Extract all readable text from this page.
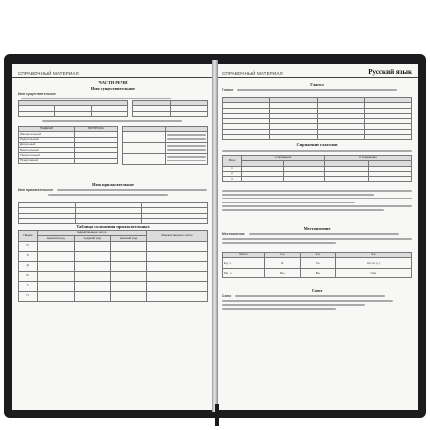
СПРАВОЧНЫЙ МАТЕРИАЛ
ЧАСТИ РЕЧИ
Имя существительное
Имя существительное

ПАДЕЖИ	ВОПРОСЫ
Именительный	
Родительный	
Дательный	
Винительный	
Творительный	
Предложный	

Имя прилагательное
Имя прилагательное

Таблица склонения прилагательных
Падеж	Единственное число			Множественное число
	мужской род	средний род	женский род	
И.				
Р.				
Д.				
В.				
Т.				
П.				
СПРАВОЧНЫЙ МАТЕРИАЛ	Русский язык
Глагол
Глагол

Спряжение глаголов
Лицо	I спряжение		II спряжение	

1				
2				
3				
Местоимение
Местоимение
Число	1-е	2-е	3-е
Ед. ч.	Я	Ты	Он (м. р.)
Мн. ч.	Мы	Вы	Они
Союз
Союз
